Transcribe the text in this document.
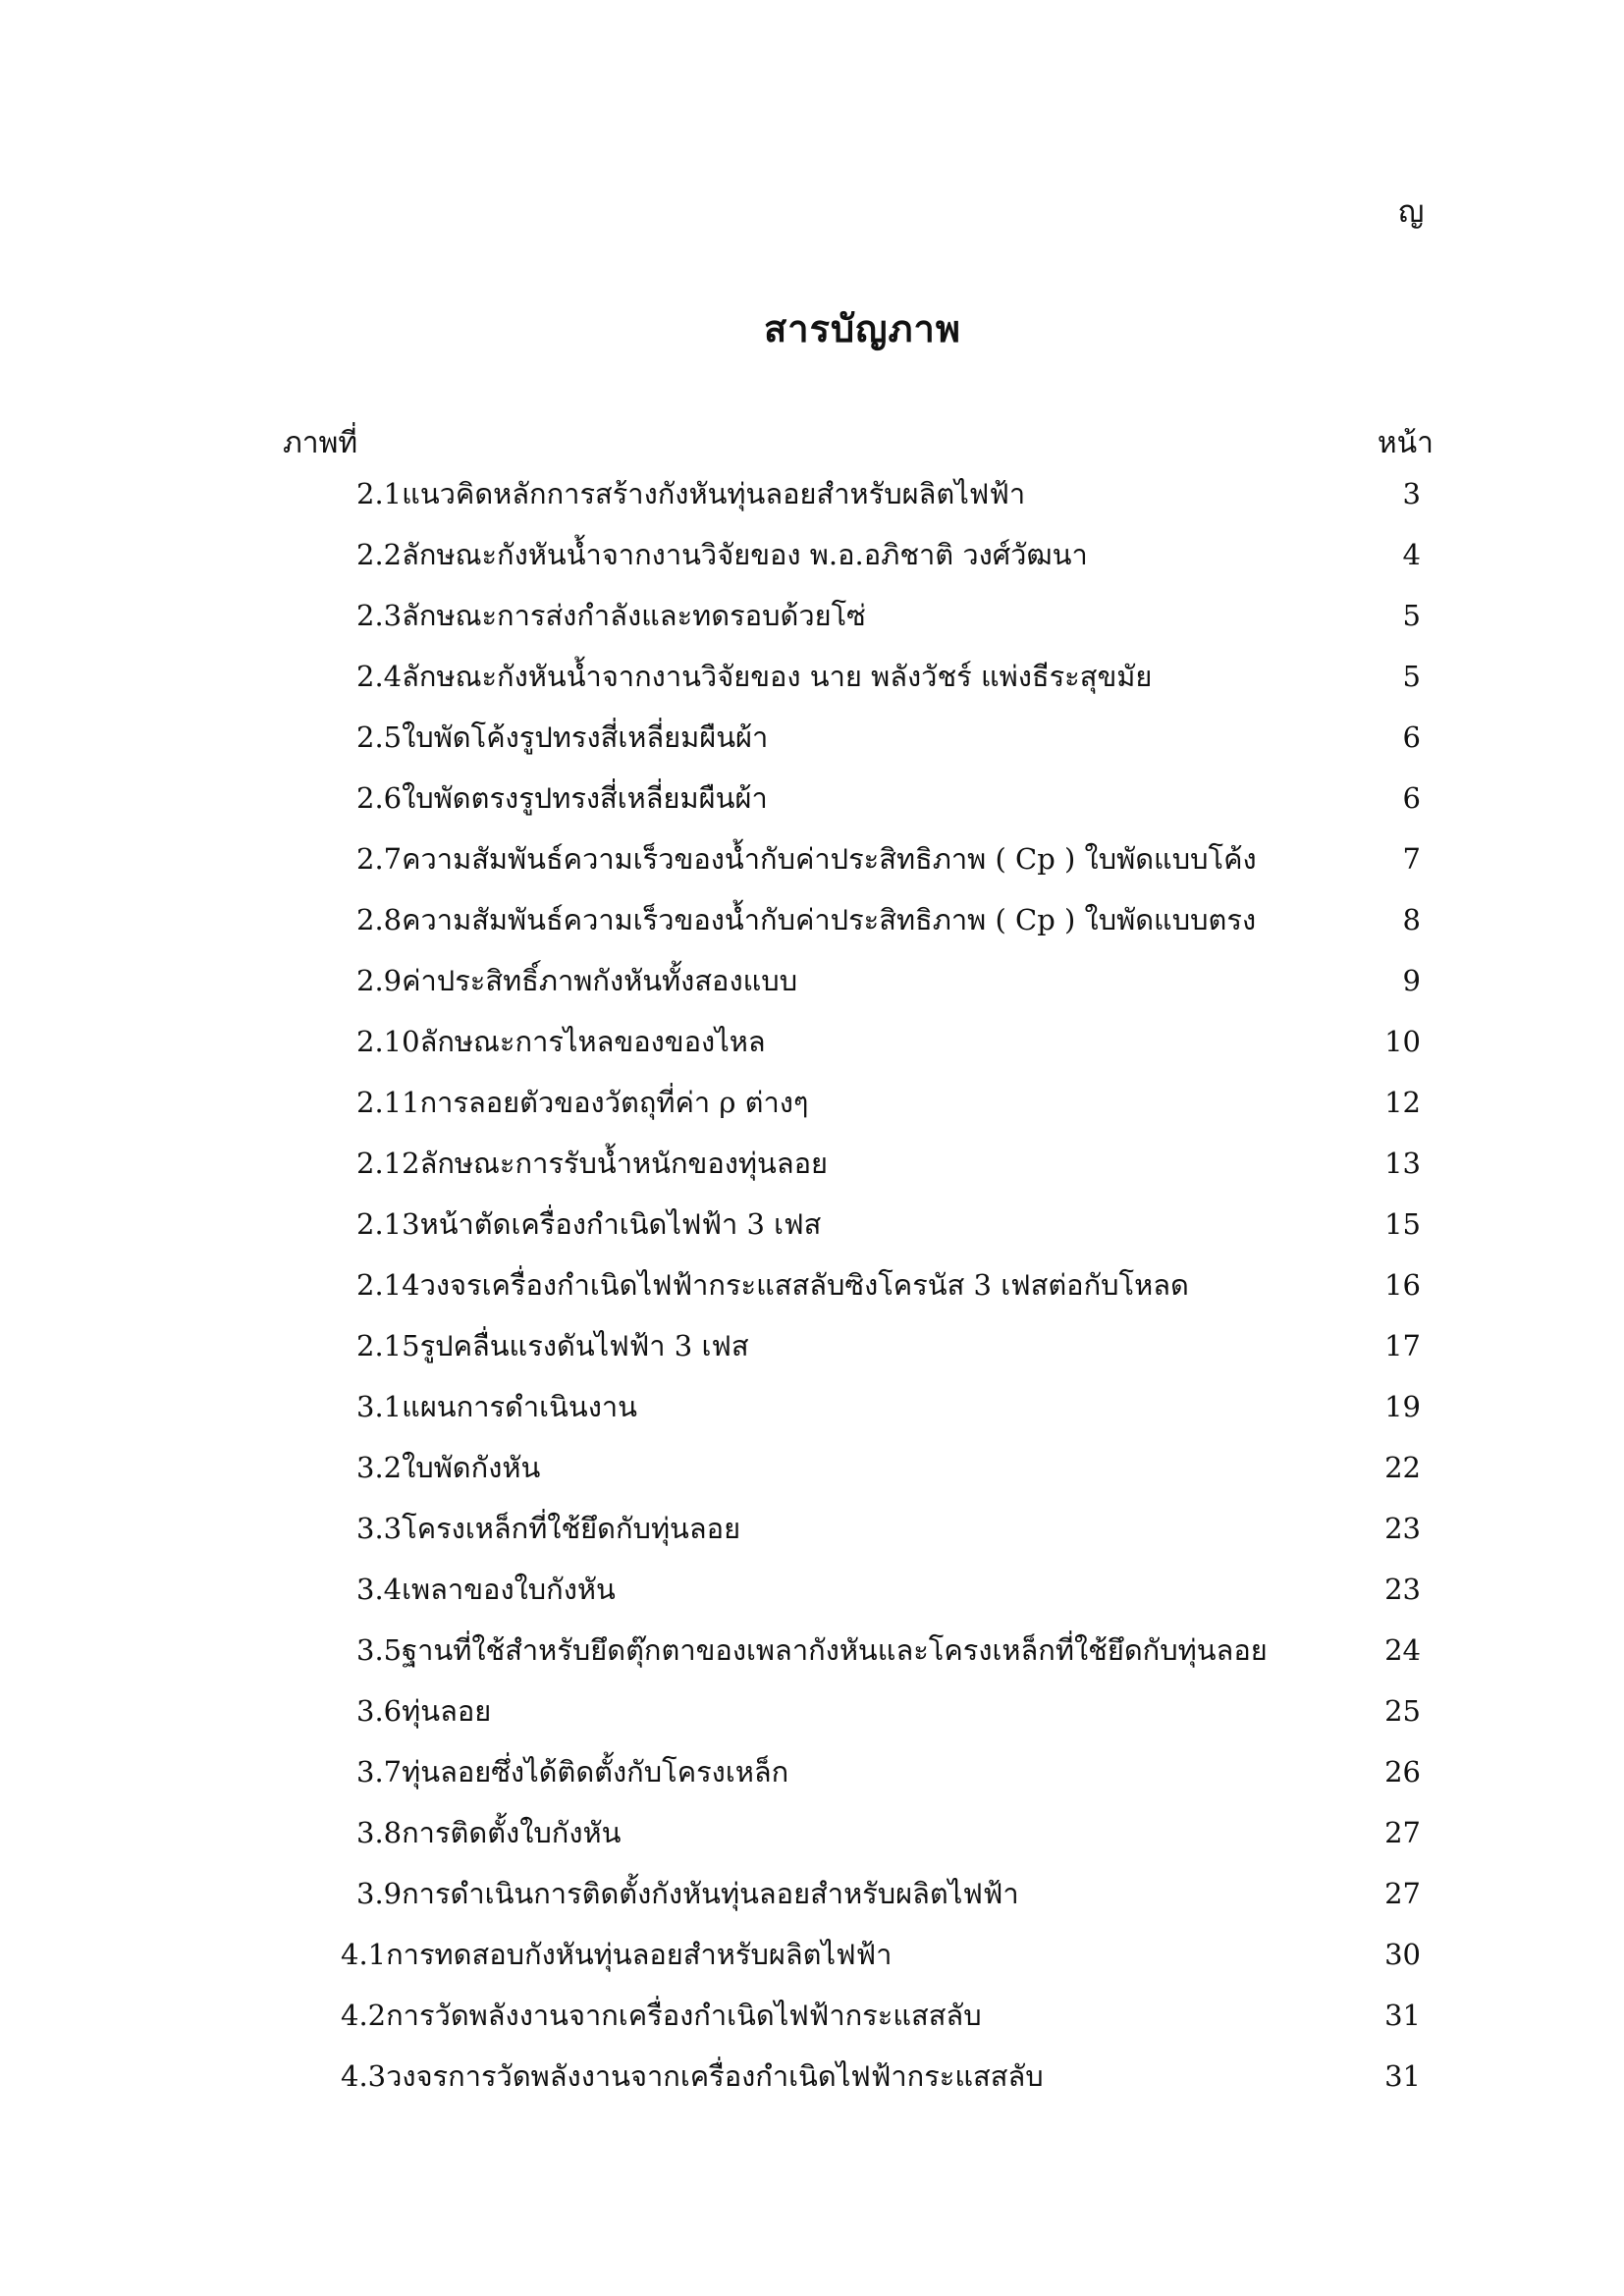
ญ
สารบัญภาพ
ภาพที่	หน้า
2.1 แนวคิดหลักการสร้างกังหันทุ่นลอยสำหรับผลิตไฟฟ้า	3
2.2 ลักษณะกังหันน้ำจากงานวิจัยของ พ.อ.อภิชาติ วงศ์วัฒนา	4
2.3 ลักษณะการส่งกำลังและทดรอบด้วยโซ่	5
2.4 ลักษณะกังหันน้ำจากงานวิจัยของ นาย พลังวัชร์ แพ่งธีระสุขมัย	5
2.5 ใบพัดโค้งรูปทรงสี่เหลี่ยมผืนผ้า	6
2.6 ใบพัดตรงรูปทรงสี่เหลี่ยมผืนผ้า	6
2.7 ความสัมพันธ์ความเร็วของน้ำกับค่าประสิทธิภาพ ( Cp ) ใบพัดแบบโค้ง	7
2.8 ความสัมพันธ์ความเร็วของน้ำกับค่าประสิทธิภาพ ( Cp ) ใบพัดแบบตรง	8
2.9 ค่าประสิทธิ์ภาพกังหันทั้งสองแบบ	9
2.10 ลักษณะการไหลของของไหล	10
2.11 การลอยตัวของวัตถุที่ค่า ρ ต่างๆ	12
2.12 ลักษณะการรับน้ำหนักของทุ่นลอย	13
2.13 หน้าตัดเครื่องกำเนิดไฟฟ้า 3 เฟส	15
2.14 วงจรเครื่องกำเนิดไฟฟ้ากระแสสลับซิงโครนัส 3 เฟสต่อกับโหลด	16
2.15 รูปคลื่นแรงดันไฟฟ้า 3 เฟส	17
3.1 แผนการดำเนินงาน	19
3.2 ใบพัดกังหัน	22
3.3 โครงเหล็กที่ใช้ยึดกับทุ่นลอย	23
3.4 เพลาของใบกังหัน	23
3.5 ฐานที่ใช้สำหรับยึดตุ๊กตาของเพลากังหันและโครงเหล็กที่ใช้ยึดกับทุ่นลอย	24
3.6 ทุ่นลอย	25
3.7 ทุ่นลอยซึ่งได้ติดตั้งกับโครงเหล็ก	26
3.8 การติดตั้งใบกังหัน	27
3.9 การดำเนินการติดตั้งกังหันทุ่นลอยสำหรับผลิตไฟฟ้า	27
4.1 การทดสอบกังหันทุ่นลอยสำหรับผลิตไฟฟ้า	30
4.2 การวัดพลังงานจากเครื่องกำเนิดไฟฟ้ากระแสสลับ	31
4.3 วงจรการวัดพลังงานจากเครื่องกำเนิดไฟฟ้ากระแสสลับ	31
